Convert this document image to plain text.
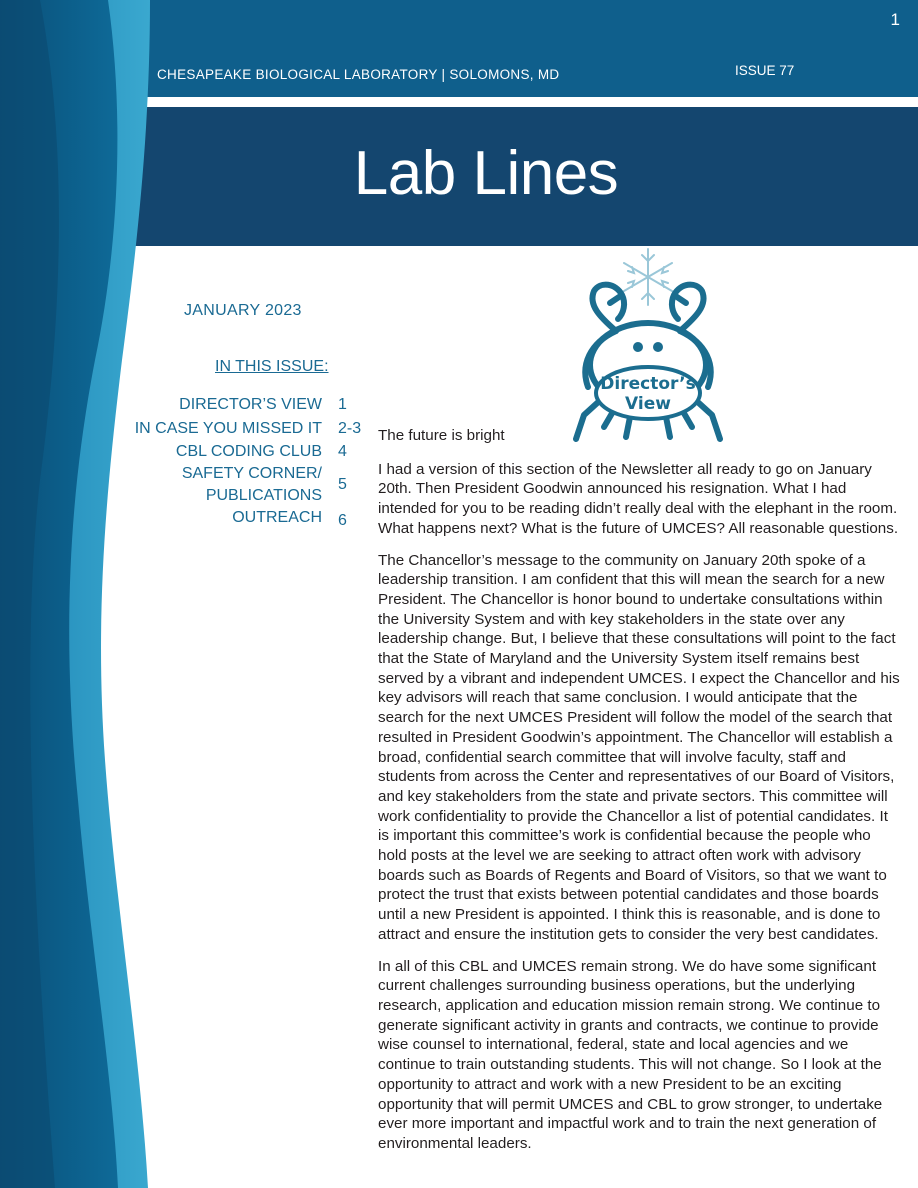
1
CHESAPEAKE BIOLOGICAL LABORATORY | SOLOMONS, MD	ISSUE 77
Lab Lines
JANUARY 2023
IN THIS ISSUE:
DIRECTOR’S VIEW 1
IN CASE YOU MISSED IT 2-3
CBL CODING CLUB 4
SAFETY CORNER/
PUBLICATIONS
5
OUTREACH 6
Director’s
View

The future is bright

I had a version of this section of the Newsletter all ready to go on January 20th. Then President Goodwin announced his resignation. What I had intended for you to be reading didn’t really deal with the elephant in the room. What happens next? What is the future of UMCES? All reasonable questions.

The Chancellor’s message to the community on January 20th spoke of a leadership transition. I am confident that this will mean the search for a new President. The Chancellor is honor bound to undertake consultations within the University System and with key stakeholders in the state over any leadership change. But, I believe that these consultations will point to the fact that the State of Maryland and the University System itself remains best served by a vibrant and independent UMCES. I expect the Chancellor and his key advisors will reach that same conclusion. I would anticipate that the search for the next UMCES President will follow the model of the search that resulted in President Goodwin’s appointment. The Chancellor will establish a broad, confidential search committee that will involve faculty, staff and students from across the Center and representatives of our Board of Visitors, and key stakeholders from the state and private sectors. This committee will work confidentiality to provide the Chancellor a list of potential candidates. It is important this committee’s work is confidential because the people who hold posts at the level we are seeking to attract often work with advisory boards such as Boards of Regents and Board of Visitors, so that we want to protect the trust that exists between potential candidates and those boards until a new President is appointed. I think this is reasonable, and is done to attract and ensure the institution gets to consider the very best candidates.

In all of this CBL and UMCES remain strong. We do have some significant current challenges surrounding business operations, but the underlying research, application and education mission remain strong. We continue to generate significant activity in grants and contracts, we continue to provide wise counsel to international, federal, state and local agencies and we continue to train outstanding students. This will not change. So I look at the opportunity to attract and work with a new President to be an exciting opportunity that will permit UMCES and CBL to grow stronger, to undertake ever more important and impactful work and to train the next generation of environmental leaders.
